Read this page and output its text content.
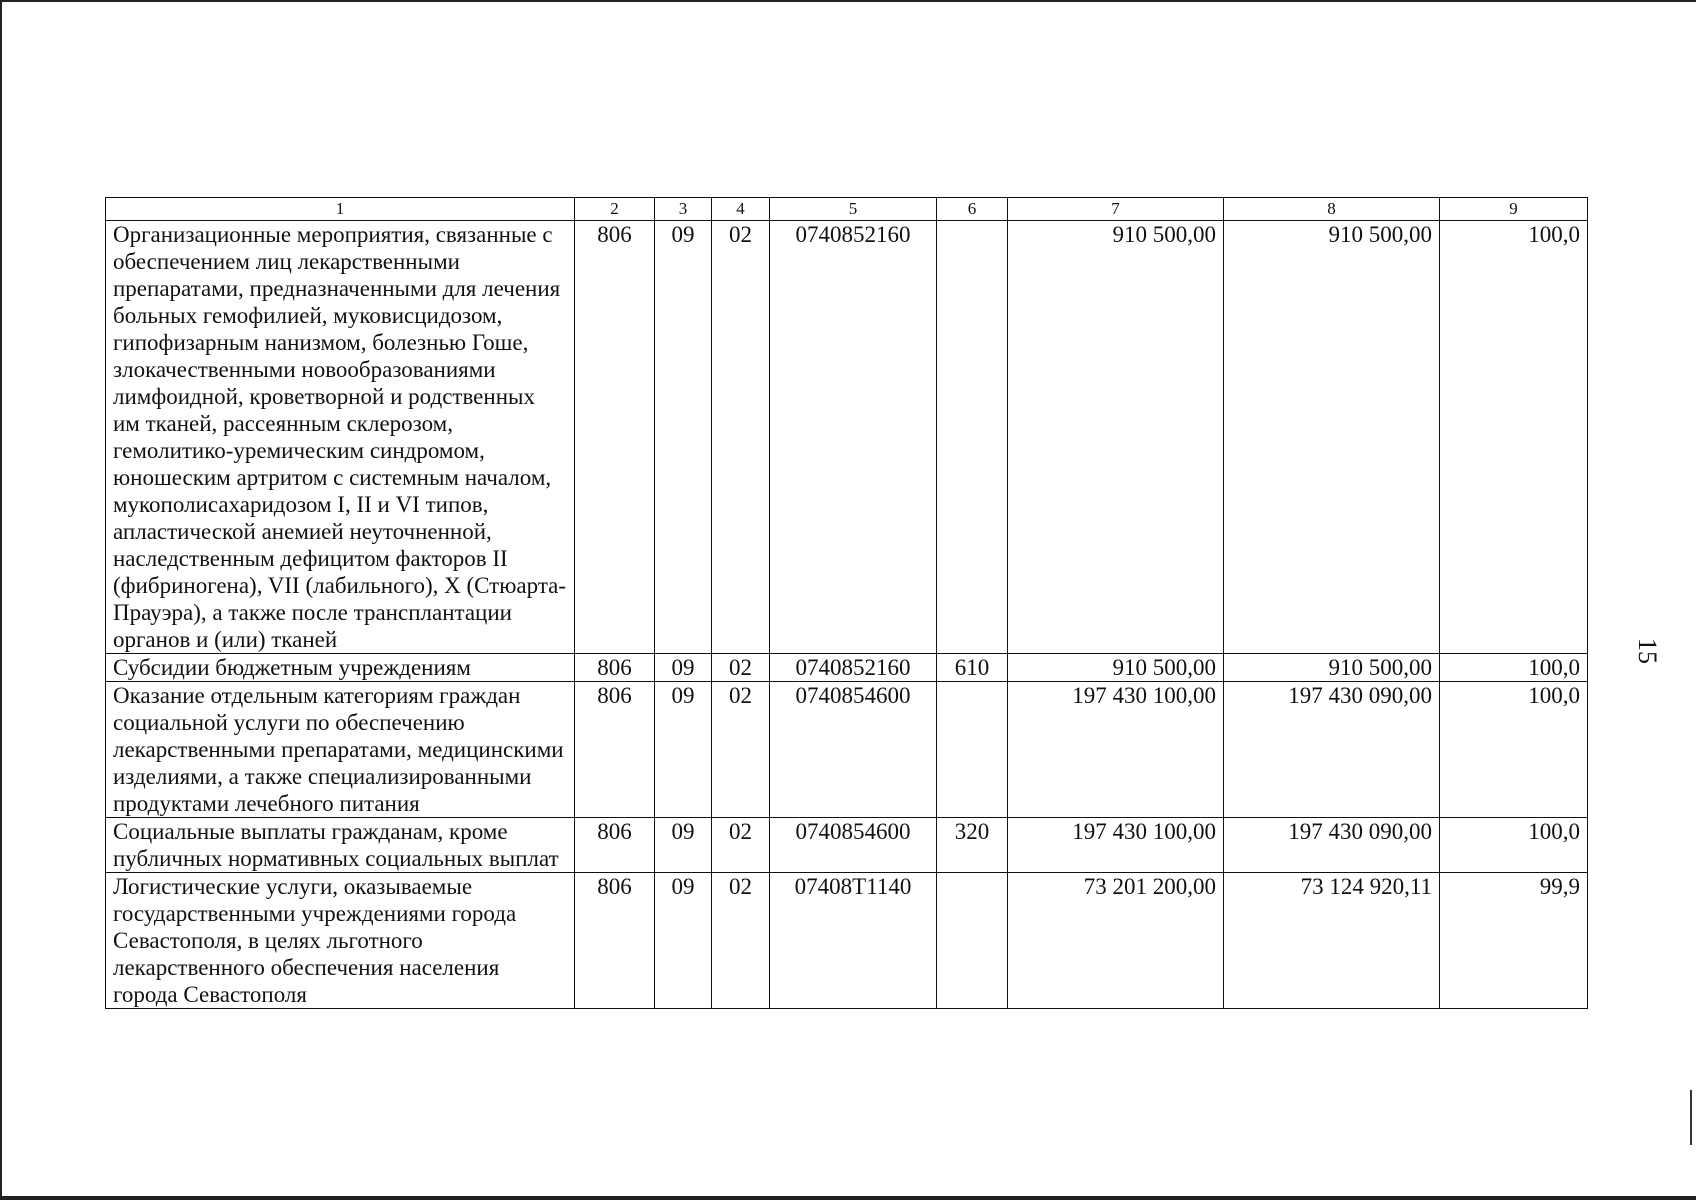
1	2	3	4	5	6	7	8	9
Организационные мероприятия, связанные с обеспечением лиц лекарственными препаратами, предназначенными для лечения больных гемофилией, муковисцидозом, гипофизарным нанизмом, болезнью Гоше, злокачественными новообразованиями лимфоидной, кроветворной и родственных им тканей, рассеянным склерозом, гемолитико-уремическим синдромом, юношеским артритом с системным началом, мукополисахаридозом I, II и VI типов, апластической анемией неуточненной, наследственным дефицитом факторов II (фибриногена), VII (лабильного), X (Стюарта-Прауэра), а также после трансплантации органов и (или) тканей	806	09	02	0740852160		910 500,00	910 500,00	100,0
Субсидии бюджетным учреждениям	806	09	02	0740852160	610	910 500,00	910 500,00	100,0
Оказание отдельным категориям граждан социальной услуги по обеспечению лекарственными препаратами, медицинскими изделиями, а также специализированными продуктами лечебного питания	806	09	02	0740854600		197 430 100,00	197 430 090,00	100,0
Социальные выплаты гражданам, кроме публичных нормативных социальных выплат	806	09	02	0740854600	320	197 430 100,00	197 430 090,00	100,0
Логистические услуги, оказываемые государственными учреждениями города Севастополя, в целях льготного лекарственного обеспечения населения города Севастополя	806	09	02	07408Т1140		73 201 200,00	73 124 920,11	99,9
15
